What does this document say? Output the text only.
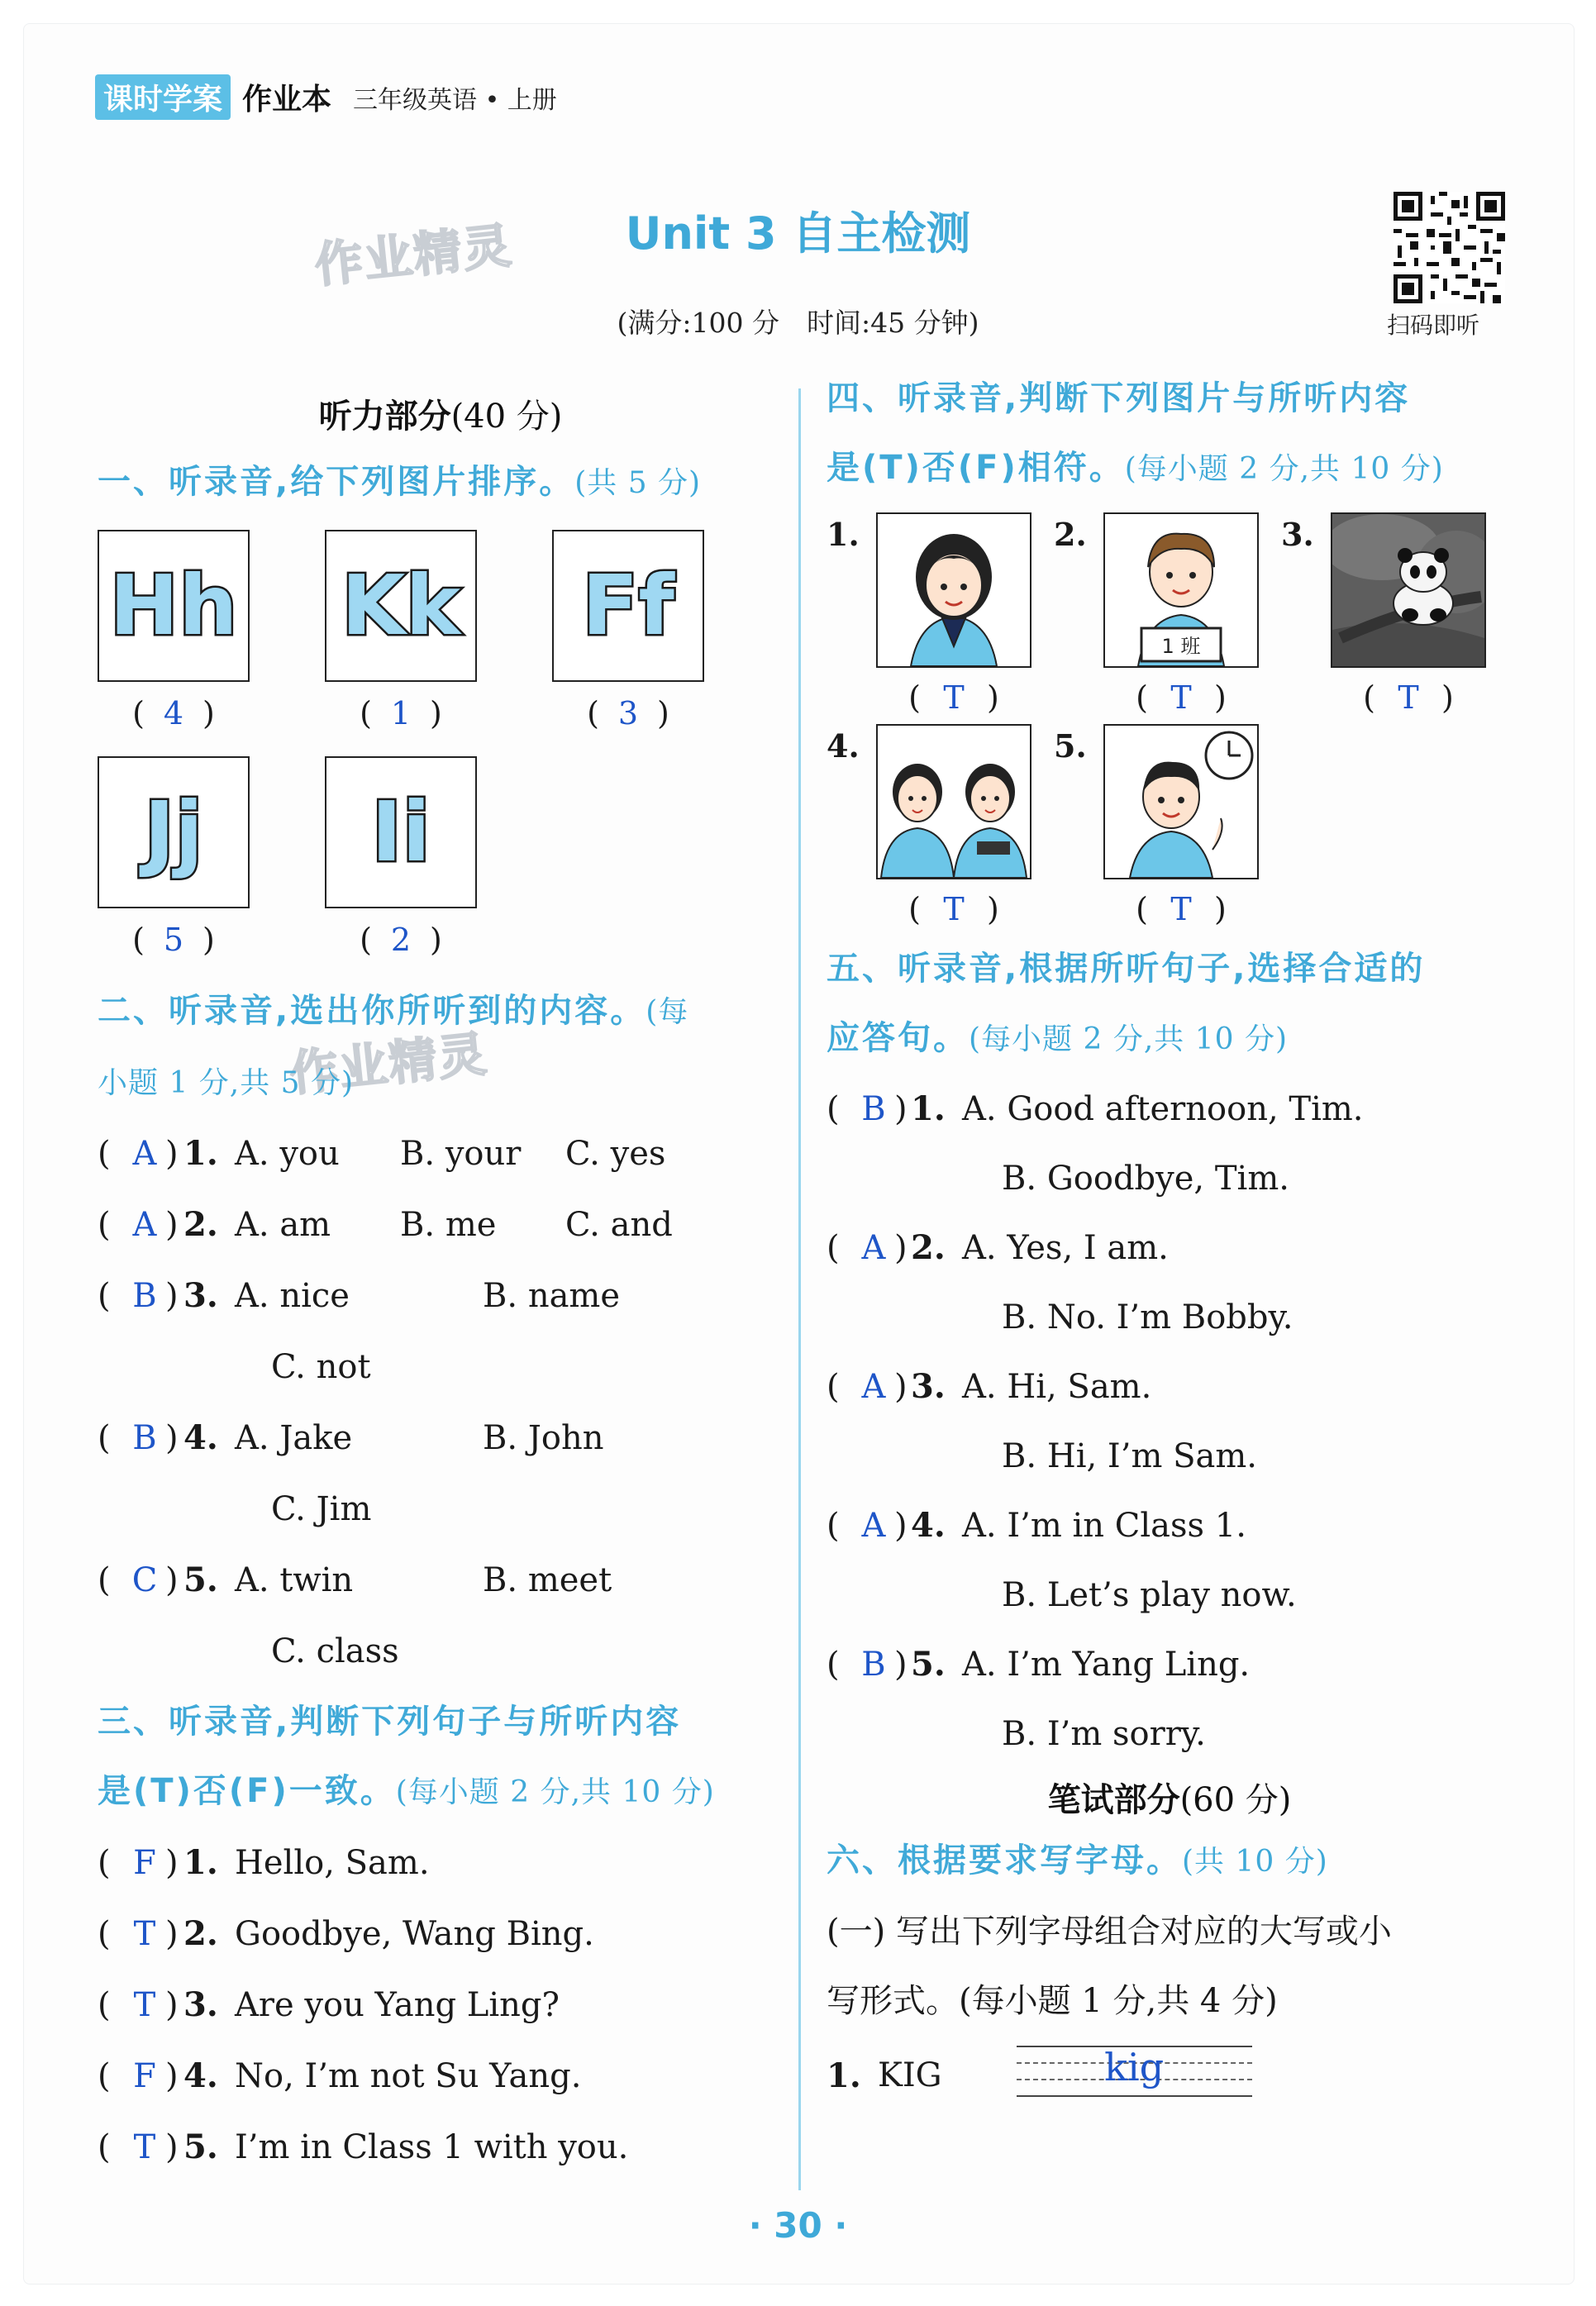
课时学案 作业本 三年级英语 • 上册
作业精灵
作业精灵
Unit 3 自主检测
(满分:100 分　时间:45 分钟)	扫码即听
听力部分(40 分)
一、听录音,给下列图片排序。(共 5 分)
Hh
( 4 )
Kk
( 1 )
Ff
( 3 )
Jj
( 5 )
Ii
( 2 )
二、听录音,选出你所听到的内容。(每
小题 1 分,共 5 分)
( A ) 1. A. you	B. your	C. yes
( A ) 2. A. am	B. me	C. and
( B ) 3. A. nice	B. name
C. not
( B ) 4. A. Jake	B. John
C. Jim
( C ) 5. A. twin	B. meet
C. class
三、听录音,判断下列句子与所听内容
是(T)否(F)一致。(每小题 2 分,共 10 分)
( F ) 1. Hello, Sam.
( T ) 2. Goodbye, Wang Bing.
( T ) 3. Are you Yang Ling?
( F ) 4. No, I’m not Su Yang.
( T ) 5. I’m in Class 1 with you.
四、听录音,判断下列图片与所听内容
是(T)否(F)相符。(每小题 2 分,共 10 分)
1.
( T )
2.
1 班
( T )
3.
( T )
4.
( T )
5.
( T )
五、听录音,根据所听句子,选择合适的
应答句。(每小题 2 分,共 10 分)
( B ) 1. A. Good afternoon, Tim.
B. Goodbye, Tim.
( A ) 2. A. Yes, I am.
B. No. I’m Bobby.
( A ) 3. A. Hi, Sam.
B. Hi, I’m Sam.
( A ) 4. A. I’m in Class 1.
B. Let’s play now.
( B ) 5. A. I’m Yang Ling.
B. I’m sorry.
笔试部分(60 分)
六、根据要求写字母。(共 10 分)
(一) 写出下列字母组合对应的大写或小
写形式。(每小题 1 分,共 4 分)
1. KIG	kig
· 30 ·
